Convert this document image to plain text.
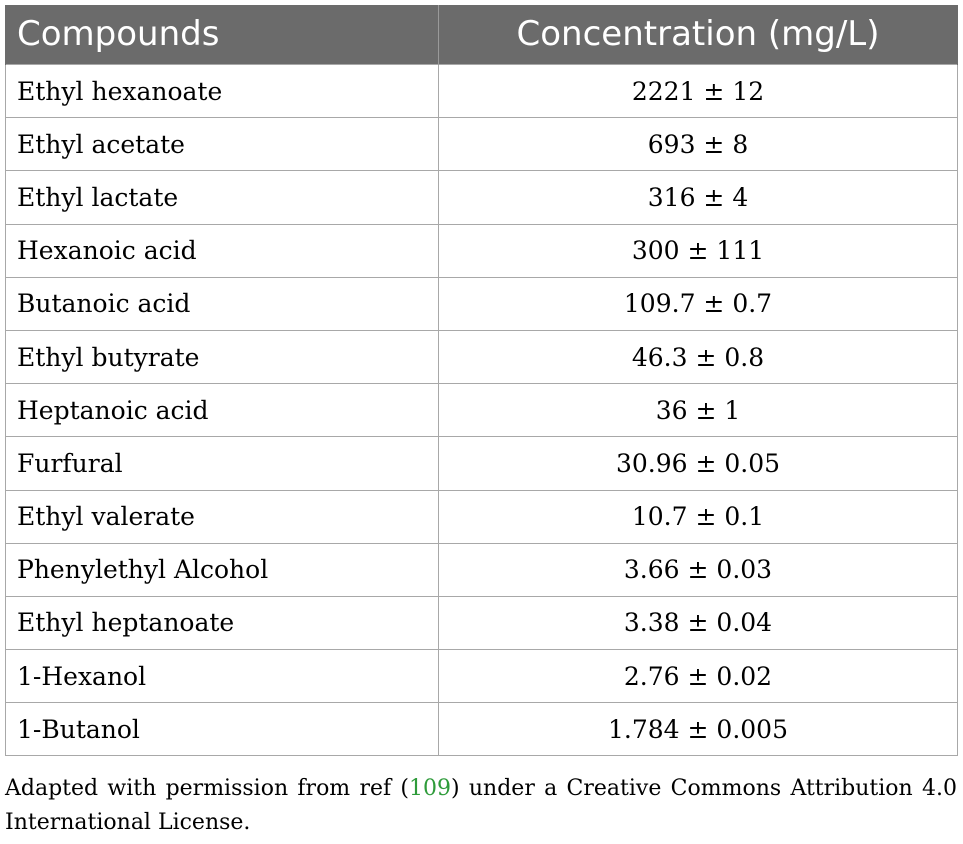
Compounds	Concentration (mg/L)
Ethyl hexanoate	2221 ± 12
Ethyl acetate	693 ± 8
Ethyl lactate	316 ± 4
Hexanoic acid	300 ± 111
Butanoic acid	109.7 ± 0.7
Ethyl butyrate	46.3 ± 0.8
Heptanoic acid	36 ± 1
Furfural	30.96 ± 0.05
Ethyl valerate	10.7 ± 0.1
Phenylethyl Alcohol	3.66 ± 0.03
Ethyl heptanoate	3.38 ± 0.04
1-Hexanol	2.76 ± 0.02
1-Butanol	1.784 ± 0.005
Adapted with permission from ref (109) under a Creative Commons Attribution 4.0 International License.
